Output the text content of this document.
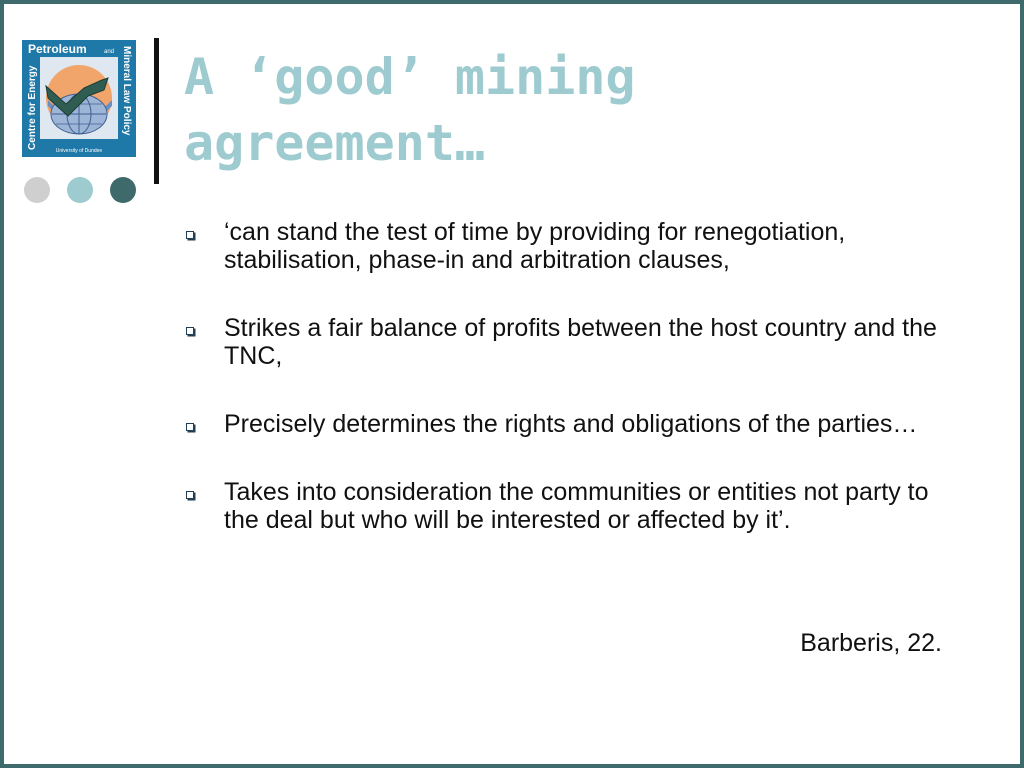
Petroleum	and Mineral Law Policy
Centre for Energy
University of Dundee
A ‘good’ mining
agreement…
‘can stand the test of time by providing for renegotiation, stabilisation, phase-in and arbitration clauses,
Strikes a fair balance of profits between the host country and the TNC,
Precisely determines the rights and obligations of the parties…
Takes into consideration the communities or entities not party to the deal but who will be interested or affected by it’.

Barberis, 22.
